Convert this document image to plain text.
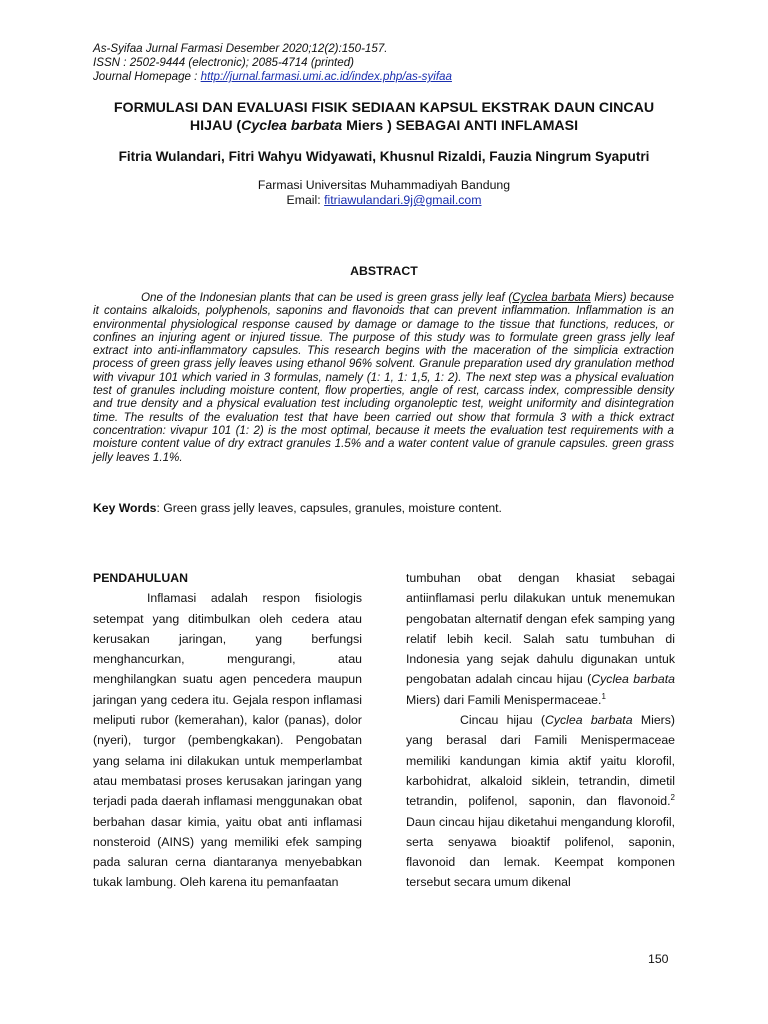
As-Syifaa Jurnal Farmasi Desember 2020;12(2):150-157.
ISSN : 2502-9444 (electronic); 2085-4714 (printed)
Journal Homepage : http://jurnal.farmasi.umi.ac.id/index.php/as-syifaa
FORMULASI DAN EVALUASI FISIK SEDIAAN KAPSUL EKSTRAK DAUN CINCAU
HIJAU (Cyclea barbata Miers ) SEBAGAI ANTI INFLAMASI
Fitria Wulandari, Fitri Wahyu Widyawati, Khusnul Rizaldi, Fauzia Ningrum Syaputri
Farmasi Universitas Muhammadiyah Bandung
Email: fitriawulandari.9j@gmail.com
ABSTRACT
One of the Indonesian plants that can be used is green grass jelly leaf (Cyclea barbata Miers) because it contains alkaloids, polyphenols, saponins and flavonoids that can prevent inflammation. Inflammation is an environmental physiological response caused by damage or damage to the tissue that functions, reduces, or confines an injuring agent or injured tissue. The purpose of this study was to formulate green grass jelly leaf extract into anti-inflammatory capsules. This research begins with the maceration of the simplicia extraction process of green grass jelly leaves using ethanol 96% solvent. Granule preparation used dry granulation method with vivapur 101 which varied in 3 formulas, namely (1: 1, 1: 1,5, 1: 2). The next step was a physical evaluation test of granules including moisture content, flow properties, angle of rest, carcass index, compressible density and true density and a physical evaluation test including organoleptic test, weight uniformity and disintegration time. The results of the evaluation test that have been carried out show that formula 3 with a thick extract concentration: vivapur 101 (1: 2) is the most optimal, because it meets the evaluation test requirements with a moisture content value of dry extract granules 1.5% and a water content value of granule capsules. green grass jelly leaves 1.1%.
Key Words: Green grass jelly leaves, capsules, granules, moisture content.

PENDAHULUAN

Inflamasi adalah respon fisiologis setempat yang ditimbulkan oleh cedera atau kerusakan jaringan, yang berfungsi menghancurkan, mengurangi, atau menghilangkan suatu agen pencedera maupun jaringan yang cedera itu. Gejala respon inflamasi meliputi rubor (kemerahan), kalor (panas), dolor (nyeri), turgor (pembengkakan). Pengobatan yang selama ini dilakukan untuk memperlambat atau membatasi proses kerusakan jaringan yang terjadi pada daerah inflamasi menggunakan obat berbahan dasar kimia, yaitu obat anti inflamasi nonsteroid (AINS) yang memiliki efek samping pada saluran cerna diantaranya menyebabkan tukak lambung. Oleh karena itu pemanfaatan

tumbuhan obat dengan khasiat sebagai antiinflamasi perlu dilakukan untuk menemukan pengobatan alternatif dengan efek samping yang relatif lebih kecil. Salah satu tumbuhan di Indonesia yang sejak dahulu digunakan untuk pengobatan adalah cincau hijau (Cyclea barbata Miers) dari Famili Menispermaceae.$^1$

Cincau hijau (Cyclea barbata Miers) yang berasal dari Famili Menispermaceae memiliki kandungan kimia aktif yaitu klorofil, karbohidrat, alkaloid siklein, tetrandin, dimetil tetrandin, polifenol, saponin, dan flavonoid.$^2$ Daun cincau hijau diketahui mengandung klorofil, serta senyawa bioaktif polifenol, saponin, flavonoid dan lemak. Keempat komponen tersebut secara umum dikenal

150
